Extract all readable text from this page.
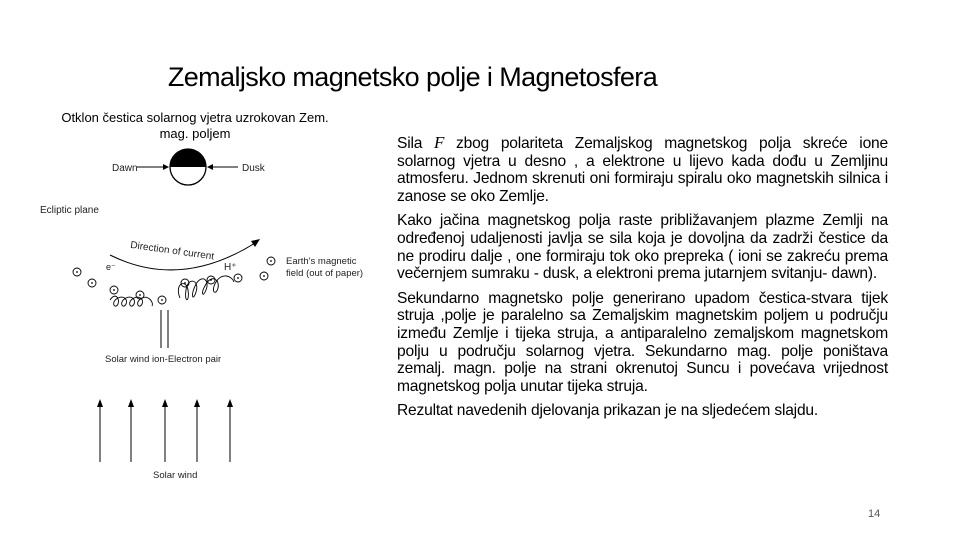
Zemaljsko magnetsko polje i Magnetosfera
Otklon čestica solarnog vjetra uzrokovan Zem.
mag. poljem
Dawn	Dusk
Ecliptic plane
Direction of current
e⁻	H⁺
Earth's magnetic
field (out of paper)
Solar wind ion-Electron pair
Solar wind

Sila F zbog polariteta Zemaljskog magnetskog polja skreće ione solarnog vjetra u desno , a elektrone u lijevo kada dođu u Zemljinu atmosferu. Jednom skrenuti oni formiraju spiralu oko magnetskih silnica i zanose se oko Zemlje.

Kako jačina magnetskog polja raste približavanjem plazme Zemlji na određenoj udaljenosti javlja se sila koja je dovoljna da zadrži čestice da ne prodiru dalje , one formiraju tok oko prepreka ( ioni se zakreću prema večernjem sumraku - dusk, a elektroni prema jutarnjem svitanju- dawn).

Sekundarno magnetsko polje generirano upadom čestica-stvara tijek struja ,polje je paralelno sa Zemaljskim magnetskim poljem u području između Zemlje i tijeka struja, a antiparalelno zemaljskom magnetskom polju u području solarnog vjetra. Sekundarno mag. polje poništava zemalj. magn. polje na strani okrenutoj Suncu i povećava vrijednost magnetskog polja unutar tijeka struja.

Rezultat navedenih djelovanja prikazan je na sljedećem slajdu.

14
